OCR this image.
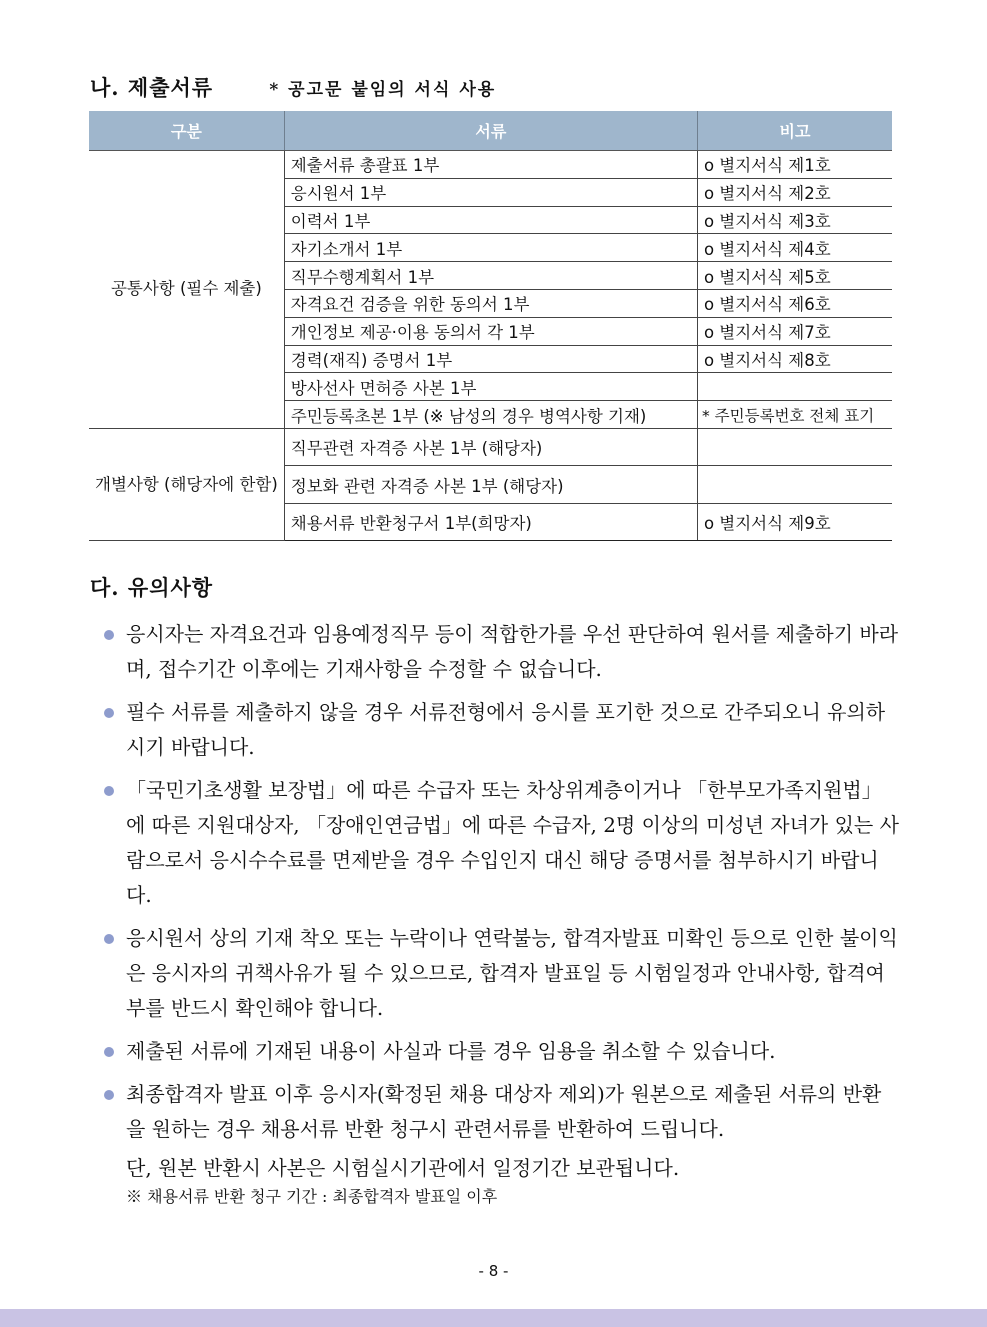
나. 제출서류	* 공고문 붙임의 서식 사용
구분	서류	비고
공통사항 (필수 제출)	제출서류 총괄표 1부	o 별지서식 제1호
	응시원서 1부	o 별지서식 제2호
	이력서 1부	o 별지서식 제3호
	자기소개서 1부	o 별지서식 제4호
	직무수행계획서 1부	o 별지서식 제5호
	자격요건 검증을 위한 동의서 1부	o 별지서식 제6호
	개인정보 제공·이용 동의서 각 1부	o 별지서식 제7호
	경력(재직) 증명서 1부	o 별지서식 제8호
	방사선사 면허증 사본 1부	
	주민등록초본 1부 (※ 남성의 경우 병역사항 기재)	* 주민등록번호 전체 표기
개별사항 (해당자에 한함)	직무관련 자격증 사본 1부 (해당자)	
	정보화 관련 자격증 사본 1부 (해당자)	
	채용서류 반환청구서 1부(희망자)	o 별지서식 제9호
다. 유의사항
응시자는 자격요건과 임용예정직무 등이 적합한가를 우선 판단하여 원서를 제출하기 바라며, 접수기간 이후에는 기재사항을 수정할 수 없습니다.
필수 서류를 제출하지 않을 경우 서류전형에서 응시를 포기한 것으로 간주되오니 유의하시기 바랍니다.
「국민기초생활 보장법」에 따른 수급자 또는 차상위계층이거나 「한부모가족지원법」에 따른 지원대상자, 「장애인연금법」에 따른 수급자, 2명 이상의 미성년 자녀가 있는 사람으로서 응시수수료를 면제받을 경우 수입인지 대신 해당 증명서를 첨부하시기 바랍니다.
응시원서 상의 기재 착오 또는 누락이나 연락불능, 합격자발표 미확인 등으로 인한 불이익은 응시자의 귀책사유가 될 수 있으므로, 합격자 발표일 등 시험일정과 안내사항, 합격여부를 반드시 확인해야 합니다.
제출된 서류에 기재된 내용이 사실과 다를 경우 임용을 취소할 수 있습니다.
최종합격자 발표 이후 응시자(확정된 채용 대상자 제외)가 원본으로 제출된 서류의 반환을 원하는 경우 채용서류 반환 청구시 관련서류를 반환하여 드립니다.
단, 원본 반환시 사본은 시험실시기관에서 일정기간 보관됩니다.
※ 채용서류 반환 청구 기간 : 최종합격자 발표일 이후
- 8 -
